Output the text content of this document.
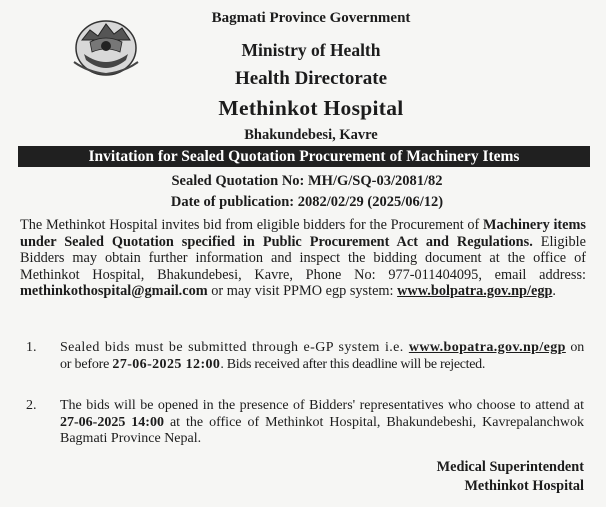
Bagmati Province Government
Ministry of Health
Health Directorate
Methinkot Hospital
Bhakundebesi, Kavre
Invitation for Sealed Quotation Procurement of Machinery Items
Sealed Quotation No: MH/G/SQ-03/2081/82
Date of publication: 2082/02/29 (2025/06/12)
The Methinkot Hospital invites bid from eligible bidders for the Procurement of Machinery items under Sealed Quotation specified in Public Procurement Act and Regulations. Eligible Bidders may obtain further information and inspect the bidding document at the office of Methinkot Hospital, Bhakundebesi, Kavre, Phone No: 977-011404095, email address: methinkothospital@gmail.com or may visit PPMO egp system: www.bolpatra.gov.np/egp.
1. Sealed bids must be submitted through e-GP system i.e. www.bopatra.gov.np/egp on or before 27-06-2025 12:00. Bids received after this deadline will be rejected.
2. The bids will be opened in the presence of Bidders' representatives who choose to attend at 27-06-2025 14:00 at the office of Methinkot Hospital, Bhakundebeshi, Kavrepalanchwok Bagmati Province Nepal.
Medical Superintendent
Methinkot Hospital
